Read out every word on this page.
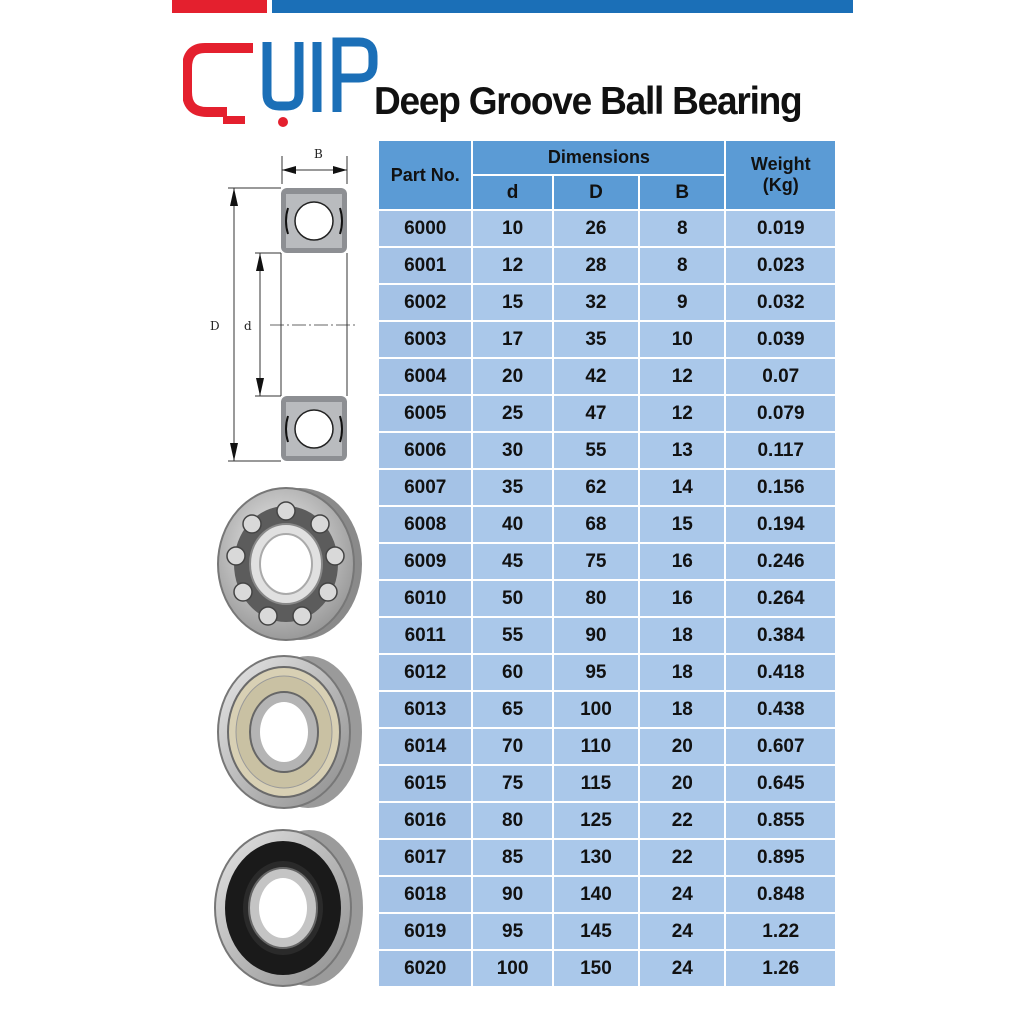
Deep Groove Ball Bearing
B
D d
Part No.	Dimensions			Weight
(Kg)

	d	D	B	
6000	10	26	8	0.019
6001	12	28	8	0.023
6002	15	32	9	0.032
6003	17	35	10	0.039
6004	20	42	12	0.07
6005	25	47	12	0.079
6006	30	55	13	0.117
6007	35	62	14	0.156
6008	40	68	15	0.194
6009	45	75	16	0.246
6010	50	80	16	0.264
6011	55	90	18	0.384
6012	60	95	18	0.418
6013	65	100	18	0.438
6014	70	110	20	0.607
6015	75	115	20	0.645
6016	80	125	22	0.855
6017	85	130	22	0.895
6018	90	140	24	0.848
6019	95	145	24	1.22
6020	100	150	24	1.26
